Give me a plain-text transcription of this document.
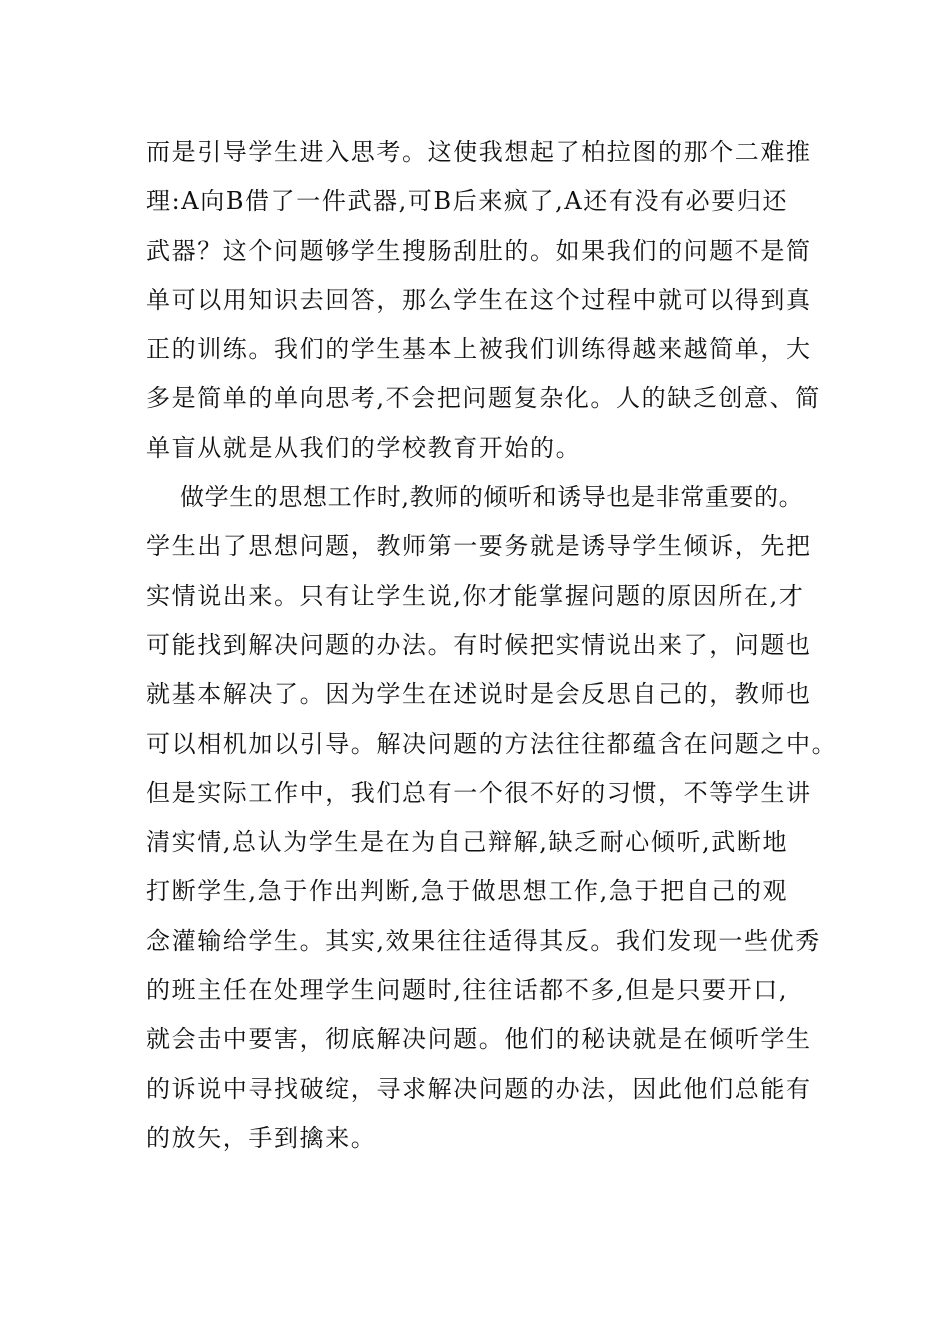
而是引导学生进入思考。这使我想起了柏拉图的那个二难推
理:A向B借了一件武器,可B后来疯了,A还有没有必要归还
武器？这个问题够学生搜肠刮肚的。如果我们的问题不是简
单可以用知识去回答，那么学生在这个过程中就可以得到真
正的训练。我们的学生基本上被我们训练得越来越简单，大
多是简单的单向思考,不会把问题复杂化。人的缺乏创意、简
单盲从就是从我们的学校教育开始的。
做学生的思想工作时,教师的倾听和诱导也是非常重要的。
学生出了思想问题，教师第一要务就是诱导学生倾诉，先把
实情说出来。只有让学生说,你才能掌握问题的原因所在,才
可能找到解决问题的办法。有时候把实情说出来了，问题也
就基本解决了。因为学生在述说时是会反思自己的，教师也
可以相机加以引导。解决问题的方法往往都蕴含在问题之中。
但是实际工作中，我们总有一个很不好的习惯，不等学生讲
清实情,总认为学生是在为自己辩解,缺乏耐心倾听,武断地
打断学生,急于作出判断,急于做思想工作,急于把自己的观
念灌输给学生。其实,效果往往适得其反。我们发现一些优秀
的班主任在处理学生问题时,往往话都不多,但是只要开口,
就会击中要害，彻底解决问题。他们的秘诀就是在倾听学生
的诉说中寻找破绽，寻求解决问题的办法，因此他们总能有
的放矢，手到擒来。
